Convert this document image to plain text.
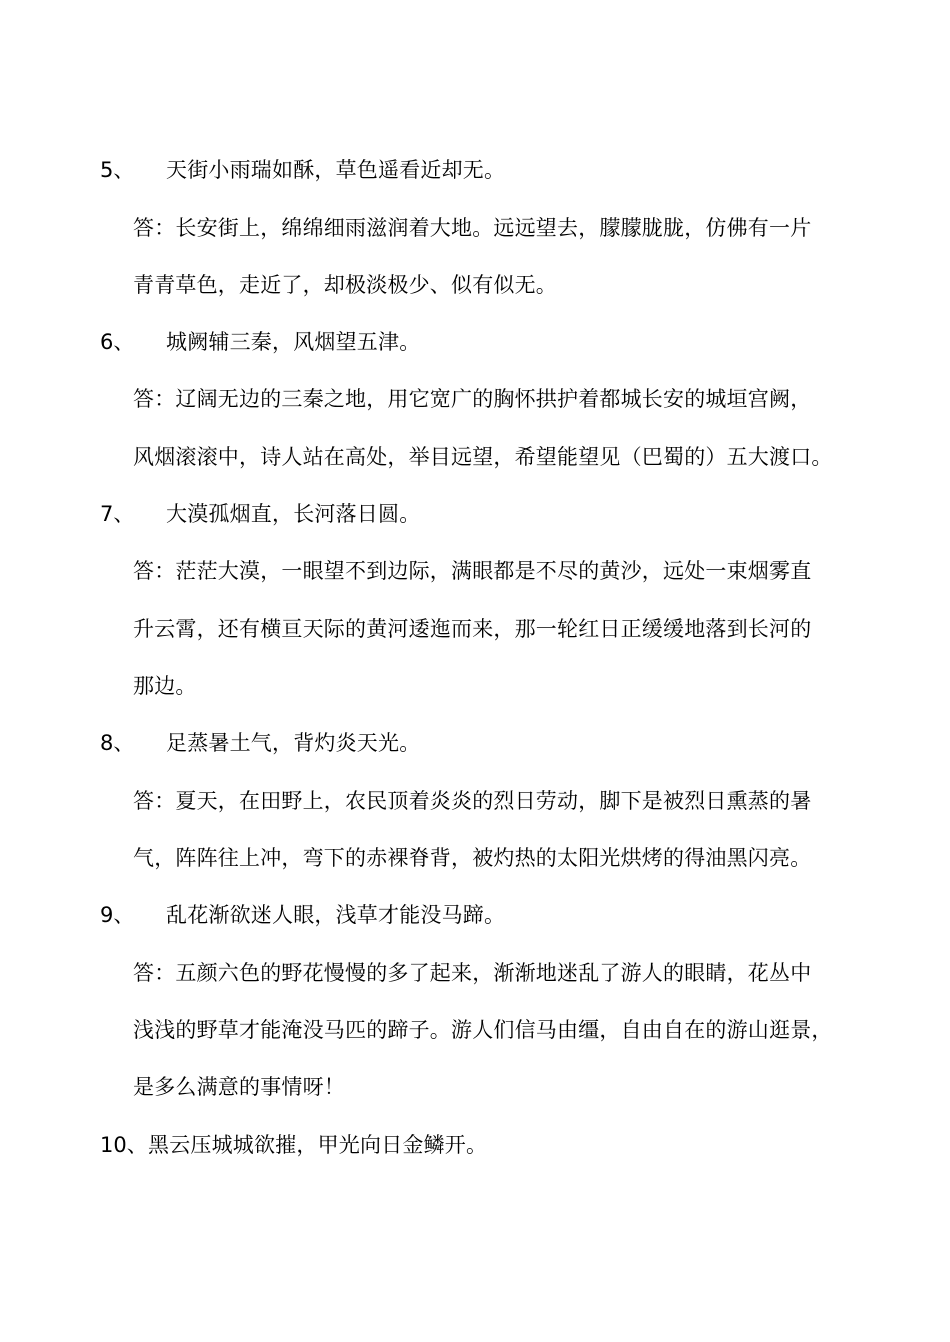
5、 天街小雨瑞如酥，草色遥看近却无。
答：长安街上，绵绵细雨滋润着大地。远远望去，朦朦胧胧，仿佛有一片
青青草色，走近了，却极淡极少、似有似无。
6、 城阙辅三秦，风烟望五津。
答：辽阔无边的三秦之地，用它宽广的胸怀拱护着都城长安的城垣宫阙，
风烟滚滚中，诗人站在高处，举目远望，希望能望见（巴蜀的）五大渡口。
7、 大漠孤烟直，长河落日圆。
答：茫茫大漠，一眼望不到边际，满眼都是不尽的黄沙，远处一束烟雾直
升云霄，还有横亘天际的黄河逶迤而来，那一轮红日正缓缓地落到长河的
那边。
8、 足蒸暑土气，背灼炎天光。
答：夏天，在田野上，农民顶着炎炎的烈日劳动，脚下是被烈日熏蒸的暑
气，阵阵往上冲，弯下的赤裸脊背，被灼热的太阳光烘烤的得油黑闪亮。
9、 乱花渐欲迷人眼，浅草才能没马蹄。
答：五颜六色的野花慢慢的多了起来，渐渐地迷乱了游人的眼睛，花丛中
浅浅的野草才能淹没马匹的蹄子。游人们信马由缰，自由自在的游山逛景，
是多么满意的事情呀！
10、 黑云压城城欲摧，甲光向日金鳞开。
